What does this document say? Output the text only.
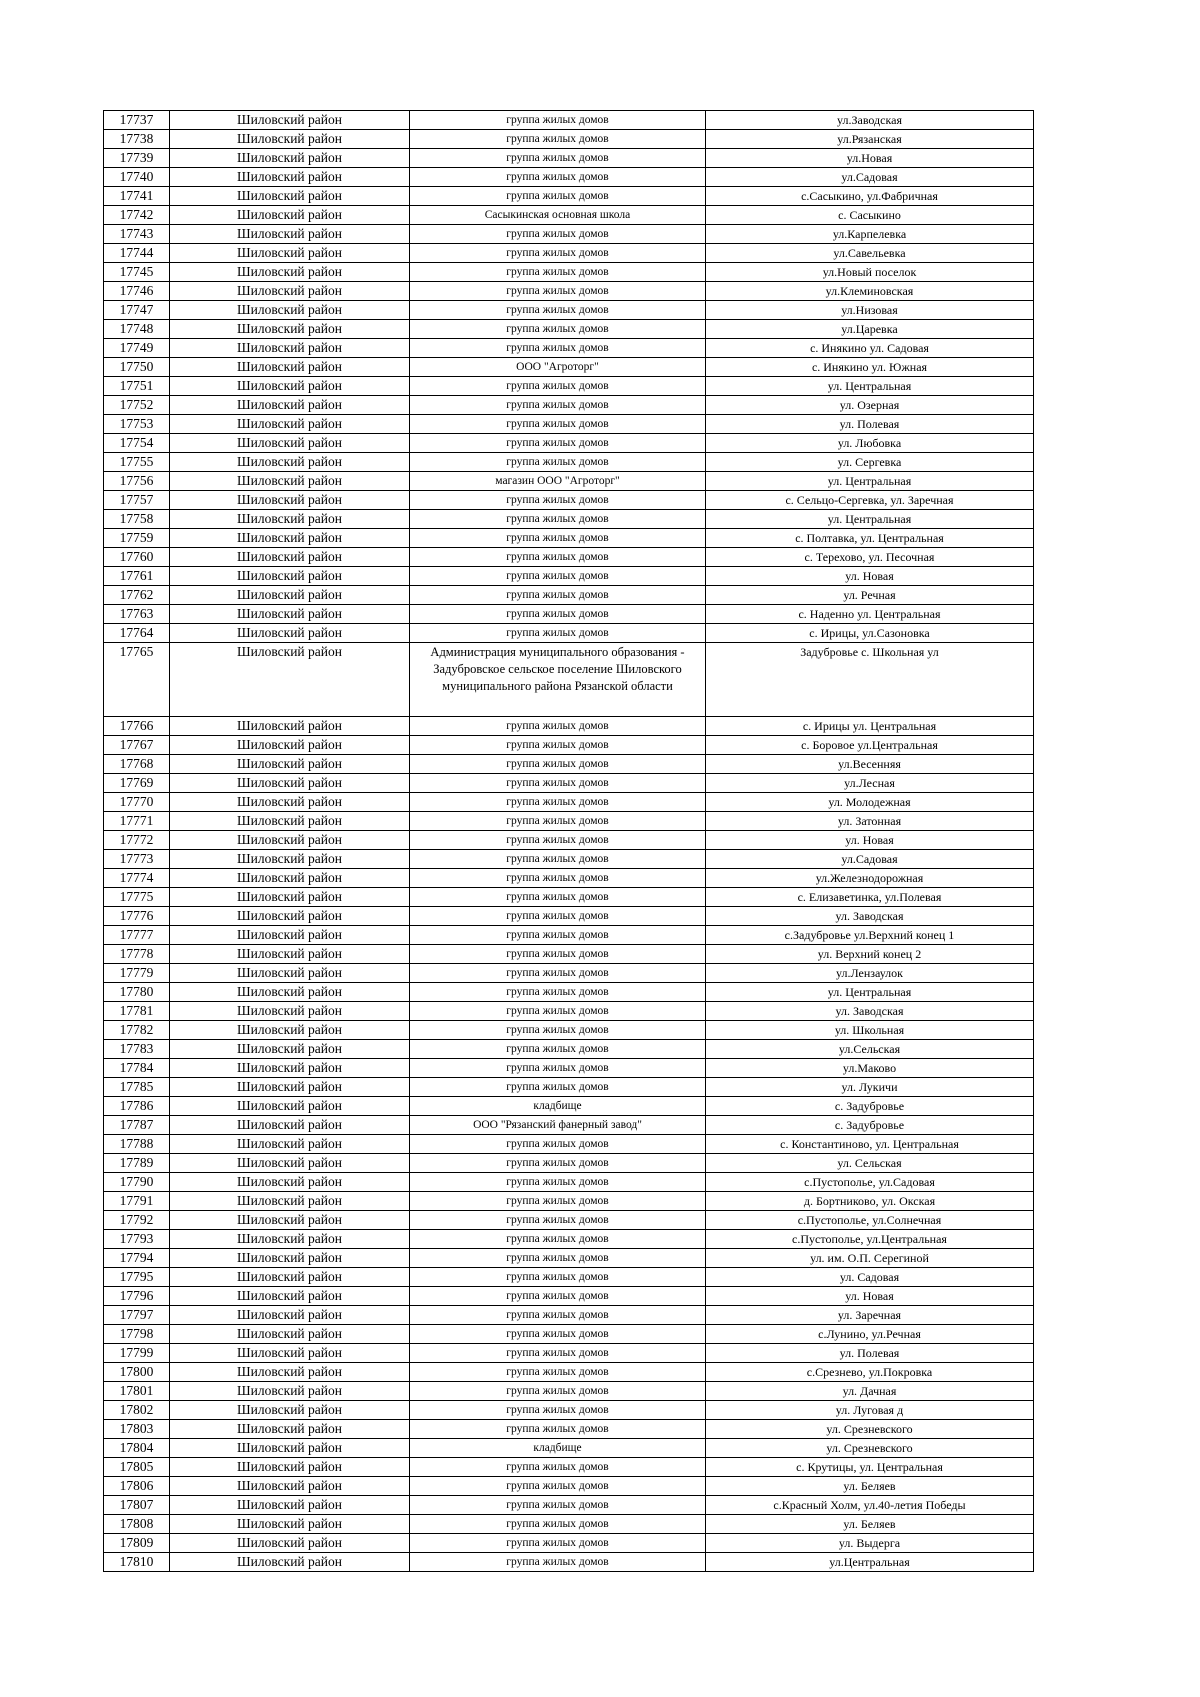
17737	Шиловский район	группа жилых домов	ул.Заводская
17738	Шиловский район	группа жилых домов	ул.Рязанская
17739	Шиловский район	группа жилых домов	ул.Новая
17740	Шиловский район	группа жилых домов	ул.Садовая
17741	Шиловский район	группа жилых домов	с.Сасыкино, ул.Фабричная
17742	Шиловский район	Сасыкинская основная школа	с. Сасыкино
17743	Шиловский район	группа жилых домов	ул.Карпелевка
17744	Шиловский район	группа жилых домов	ул.Савельевка
17745	Шиловский район	группа жилых домов	ул.Новый поселок
17746	Шиловский район	группа жилых домов	ул.Клеминовская
17747	Шиловский район	группа жилых домов	ул.Низовая
17748	Шиловский район	группа жилых домов	ул.Царевка
17749	Шиловский район	группа жилых домов	с. Инякино ул. Садовая
17750	Шиловский район	ООО "Агроторг"	с. Инякино ул. Южная
17751	Шиловский район	группа жилых домов	ул. Центральная
17752	Шиловский район	группа жилых домов	ул. Озерная
17753	Шиловский район	группа жилых домов	ул. Полевая
17754	Шиловский район	группа жилых домов	ул. Любовка
17755	Шиловский район	группа жилых домов	ул. Сергевка
17756	Шиловский район	магазин ООО "Агроторг"	ул. Центральная
17757	Шиловский район	группа жилых домов	с. Сельцо-Сергевка, ул. Заречная
17758	Шиловский район	группа жилых домов	ул. Центральная
17759	Шиловский район	группа жилых домов	с. Полтавка, ул. Центральная
17760	Шиловский район	группа жилых домов	с. Терехово, ул. Песочная
17761	Шиловский район	группа жилых домов	ул. Новая
17762	Шиловский район	группа жилых домов	ул. Речная
17763	Шиловский район	группа жилых домов	с. Наденно ул. Центральная
17764	Шиловский район	группа жилых домов	с. Ирицы, ул.Сазоновка
17765	Шиловский район	Администрация муниципального образования - Задубровское сельское поселение Шиловского муниципального района Рязанской области	Задубровье с. Школьная ул
17766	Шиловский район	группа жилых домов	с. Ирицы ул. Центральная
17767	Шиловский район	группа жилых домов	с. Боровое ул.Центральная
17768	Шиловский район	группа жилых домов	ул.Весенняя
17769	Шиловский район	группа жилых домов	ул.Лесная
17770	Шиловский район	группа жилых домов	ул. Молодежная
17771	Шиловский район	группа жилых домов	ул. Затонная
17772	Шиловский район	группа жилых домов	ул. Новая
17773	Шиловский район	группа жилых домов	ул.Садовая
17774	Шиловский район	группа жилых домов	ул.Железнодорожная
17775	Шиловский район	группа жилых домов	с. Елизаветинка, ул.Полевая
17776	Шиловский район	группа жилых домов	ул. Заводская
17777	Шиловский район	группа жилых домов	с.Задубровье ул.Верхний конец 1
17778	Шиловский район	группа жилых домов	ул. Верхний конец 2
17779	Шиловский район	группа жилых домов	ул.Лензаулок
17780	Шиловский район	группа жилых домов	ул. Центральная
17781	Шиловский район	группа жилых домов	ул. Заводская
17782	Шиловский район	группа жилых домов	ул. Школьная
17783	Шиловский район	группа жилых домов	ул.Сельская
17784	Шиловский район	группа жилых домов	ул.Маково
17785	Шиловский район	группа жилых домов	ул. Лукичи
17786	Шиловский район	кладбище	с. Задубровье
17787	Шиловский район	ООО "Рязанский фанерный завод"	с. Задубровье
17788	Шиловский район	группа жилых домов	с. Константиново, ул. Центральная
17789	Шиловский район	группа жилых домов	ул. Сельская
17790	Шиловский район	группа жилых домов	с.Пустополье, ул.Садовая
17791	Шиловский район	группа жилых домов	д. Бортниково, ул. Окская
17792	Шиловский район	группа жилых домов	с.Пустополье, ул.Солнечная
17793	Шиловский район	группа жилых домов	с.Пустополье, ул.Центральная
17794	Шиловский район	группа жилых домов	ул. им. О.П. Серегиной
17795	Шиловский район	группа жилых домов	ул. Садовая
17796	Шиловский район	группа жилых домов	ул. Новая
17797	Шиловский район	группа жилых домов	ул. Заречная
17798	Шиловский район	группа жилых домов	с.Лунино, ул.Речная
17799	Шиловский район	группа жилых домов	ул. Полевая
17800	Шиловский район	группа жилых домов	с.Срезнево, ул.Покровка
17801	Шиловский район	группа жилых домов	ул. Дачная
17802	Шиловский район	группа жилых домов	ул. Луговая д
17803	Шиловский район	группа жилых домов	ул. Срезневского
17804	Шиловский район	кладбище	ул. Срезневского
17805	Шиловский район	группа жилых домов	с. Крутицы, ул. Центральная
17806	Шиловский район	группа жилых домов	ул. Беляев
17807	Шиловский район	группа жилых домов	с.Красный Холм, ул.40-летия Победы
17808	Шиловский район	группа жилых домов	ул. Беляев
17809	Шиловский район	группа жилых домов	ул. Выдерга
17810	Шиловский район	группа жилых домов	ул.Центральная
